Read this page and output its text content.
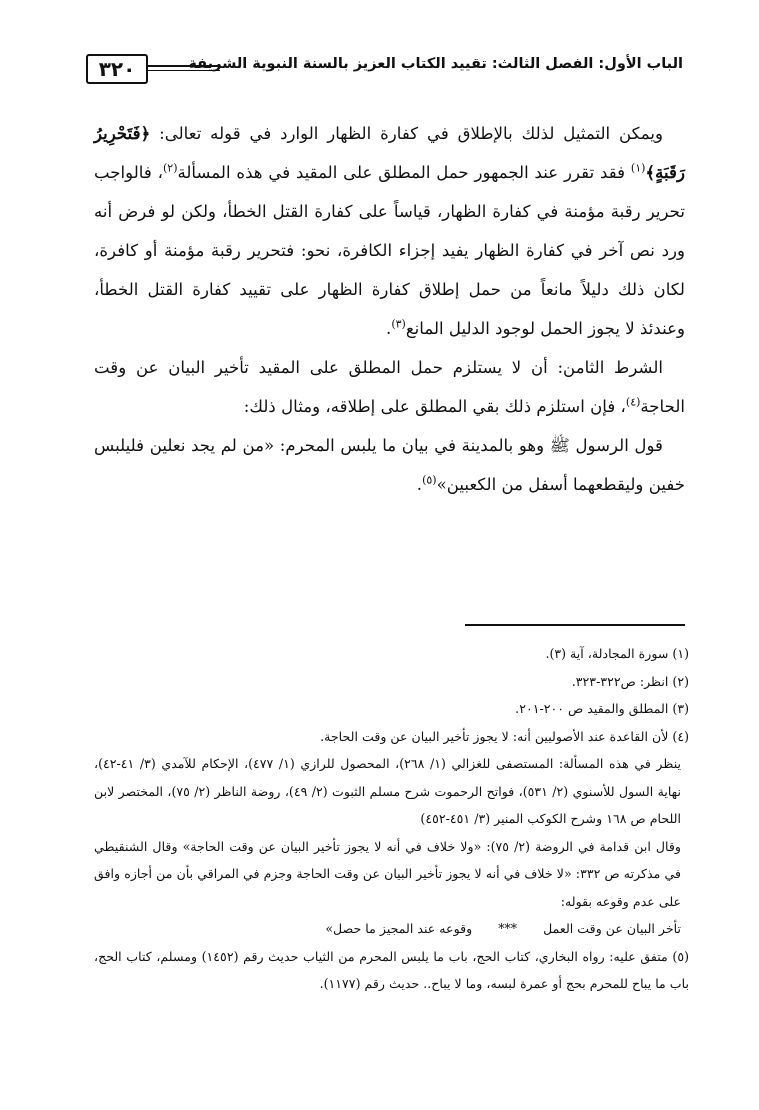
٣٢٠	الباب الأول: الفصل الثالث: تقييد الكتاب العزيز بالسنة النبوية الشريفة

ويمكن التمثيل لذلك بالإطلاق في كفارة الظهار الوارد في قوله تعالى: ﴿فَتَحْرِيرُ رَقَبَةٍ﴾$^{(١)}$ فقد تقرر عند الجمهور حمل المطلق على المقيد في هذه المسألة$^{(٢)}$، فالواجب تحرير رقبة مؤمنة في كفارة الظهار، قياساً على كفارة القتل الخطأ، ولكن لو فرض أنه ورد نص آخر في كفارة الظهار يفيد إجزاء الكافرة، نحو: فتحرير رقبة مؤمنة أو كافرة، لكان ذلك دليلاً مانعاً من حمل إطلاق كفارة الظهار على تقييد كفارة القتل الخطأ، وعندئذ لا يجوز الحمل لوجود الدليل المانع$^{(٣)}$.

الشرط الثامن: أن لا يستلزم حمل المطلق على المقيد تأخير البيان عن وقت الحاجة$^{(٤)}$، فإن استلزم ذلك بقي المطلق على إطلاقه، ومثال ذلك:

قول الرسول ﷺ وهو بالمدينة في بيان ما يلبس المحرم: «من لم يجد نعلين فليلبس خفين وليقطعهما أسفل من الكعبين»$^{(٥)}$.

(١) سورة المجادلة، آية (٣).

(٢) انظر: ص٣٢٢-٣٢٣.

(٣) المطلق والمقيد ص ٢٠٠-٢٠١.

(٤) لأن القاعدة عند الأصوليين أنه: لا يجوز تأخير البيان عن وقت الحاجة.

ينظر في هذه المسألة: المستصفى للغزالي (١/ ٢٦٨)، المحصول للرازي (١/ ٤٧٧)، الإحكام للآمدي (٣/ ٤١-٤٢)، نهاية السول للأسنوي (٢/ ٥٣١)، فواتح الرحموت شرح مسلم الثبوت (٢/ ٤٩)، روضة الناظر (٢/ ٧٥)، المختصر لابن اللحام ص ١٦٨ وشرح الكوكب المنير (٣/ ٤٥١-٤٥٢)

وقال ابن قدامة في الروضة (٢/ ٧٥): «ولا خلاف في أنه لا يجوز تأخير البيان عن وقت الحاجة» وقال الشنقيطي في مذكرته ص ٣٣٢: «لا خلاف في أنه لا يجوز تأخير البيان عن وقت الحاجة وجزم في المراقي بأن من أجازه وافق على عدم وقوعه بقوله:

تأخر البيان عن وقت العمل***وقوعه عند المجيز ما حصل»

(٥) متفق عليه: رواه البخاري، كتاب الحج، باب ما يلبس المحرم من الثياب حديث رقم (١٤٥٢) ومسلم، كتاب الحج، باب ما يباح للمحرم بحج أو عمرة لبسه، وما لا يباح.. حديث رقم (١١٧٧).
